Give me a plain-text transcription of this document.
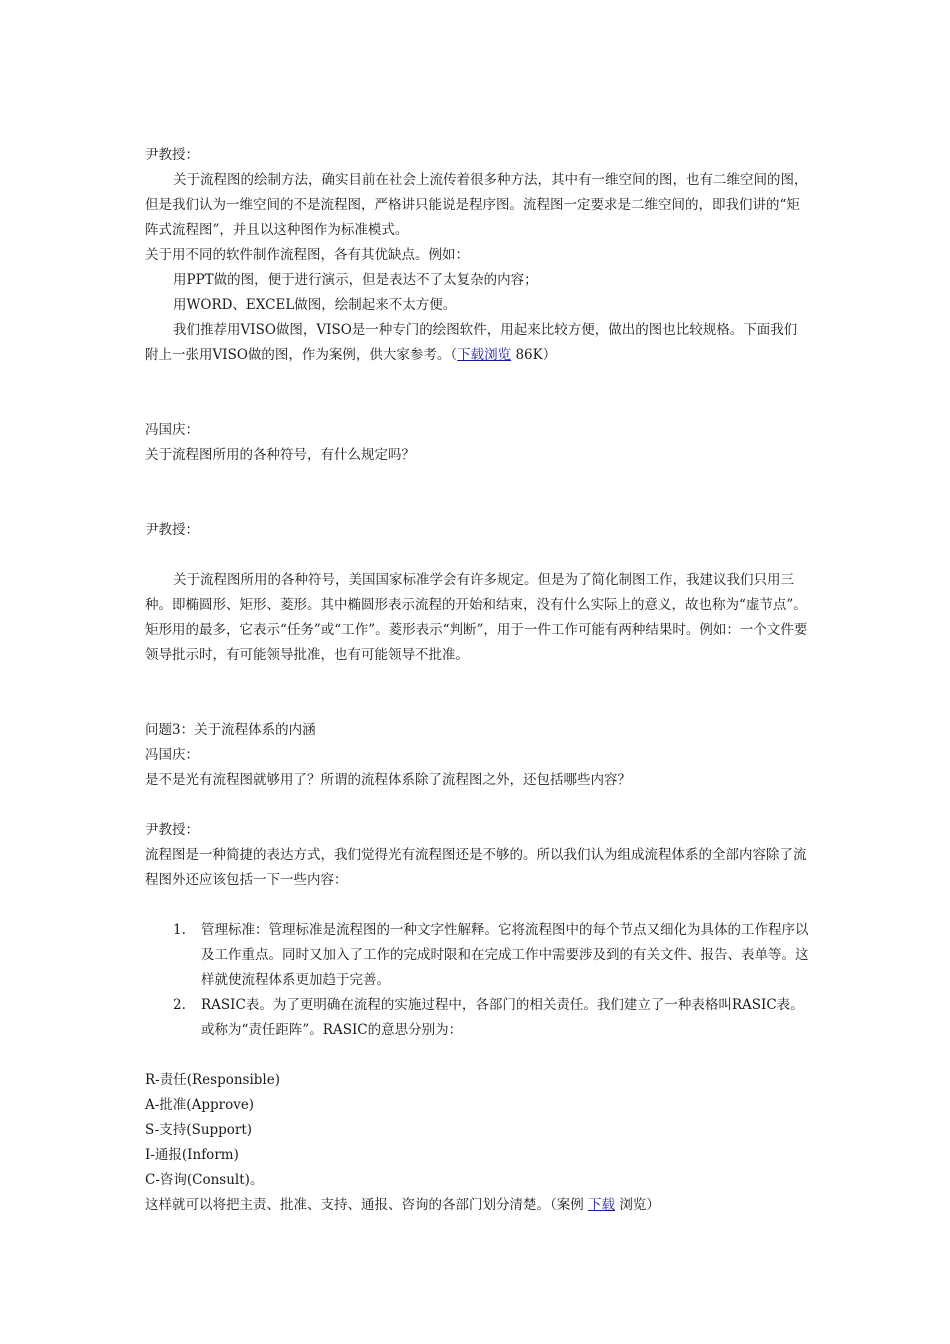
尹教授：

关于流程图的绘制方法，确实目前在社会上流传着很多种方法，其中有一维空间的图，也有二维空间的图，但是我们认为一维空间的不是流程图，严格讲只能说是程序图。流程图一定要求是二维空间的，即我们讲的“矩阵式流程图”，并且以这种图作为标准模式。

关于用不同的软件制作流程图，各有其优缺点。例如：

用PPT做的图，便于进行演示，但是表达不了太复杂的内容；

用WORD、EXCEL做图，绘制起来不太方便。

我们推荐用VISO做图，VISO是一种专门的绘图软件，用起来比较方便，做出的图也比较规格。下面我们附上一张用VISO做的图，作为案例，供大家参考。（下载浏览 86K）

冯国庆：

关于流程图所用的各种符号，有什么规定吗？

尹教授：

关于流程图所用的各种符号，美国国家标准学会有许多规定。但是为了简化制图工作，我建议我们只用三种。即椭圆形、矩形、菱形。其中椭圆形表示流程的开始和结束，没有什么实际上的意义，故也称为“虚节点”。矩形用的最多，它表示“任务”或“工作”。菱形表示“判断”，用于一件工作可能有两种结果时。例如：一个文件要领导批示时，有可能领导批准，也有可能领导不批准。

问题3：关于流程体系的内涵

冯国庆：

是不是光有流程图就够用了？所谓的流程体系除了流程图之外，还包括哪些内容？

尹教授：

流程图是一种简捷的表达方式，我们觉得光有流程图还是不够的。所以我们认为组成流程体系的全部内容除了流程图外还应该包括一下一些内容：

1. 管理标准：管理标准是流程图的一种文字性解释。它将流程图中的每个节点又细化为具体的工作程序以及工作重点。同时又加入了工作的完成时限和在完成工作中需要涉及到的有关文件、报告、表单等。这样就使流程体系更加趋于完善。
2. RASIC表。为了更明确在流程的实施过程中，各部门的相关责任。我们建立了一种表格叫RASIC表。或称为“责任距阵”。RASIC的意思分别为：

R-责任(Responsible)

A-批准(Approve)

S-支持(Support)

I-通报(Inform)

C-咨询(Consult)。

这样就可以将把主责、批准、支持、通报、咨询的各部门划分清楚。（案例 下载 浏览）
